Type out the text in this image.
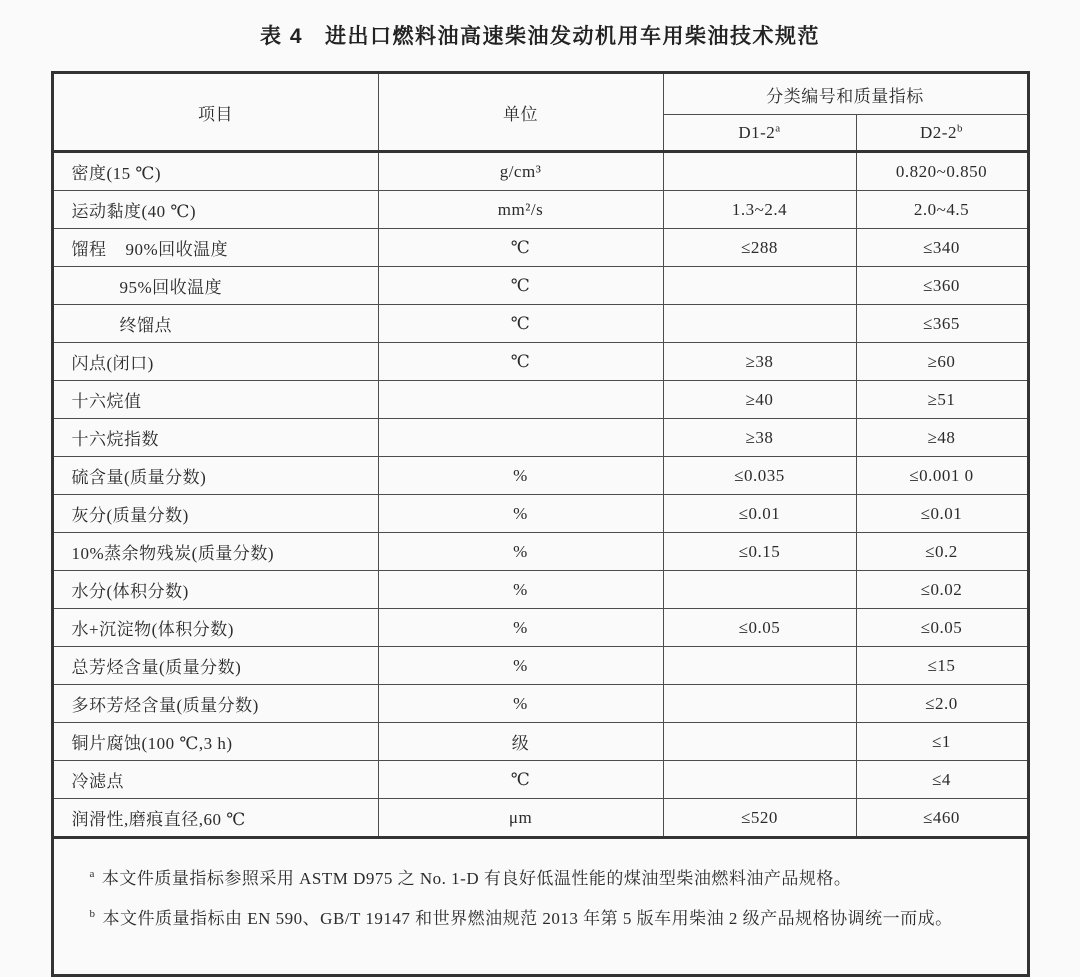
表 4   进出口燃料油高速柴油发动机用车用柴油技术规范
项目	单位	分类编号和质量指标	
		D1-2$^a$	D2-2$^b$
密度(15 ℃)	g/cm³		0.820~0.850
运动黏度(40 ℃)	mm²/s	1.3~2.4	2.0~4.5
馏程    90%回收温度	℃	≤288	≤340
95%回收温度	℃		≤360
终馏点	℃		≤365
闪点(闭口)	℃	≥38	≥60
十六烷值		≥40	≥51
十六烷指数		≥38	≥48
硫含量(质量分数)	%	≤0.035	≤0.001 0
灰分(质量分数)	%	≤0.01	≤0.01
10%蒸余物残炭(质量分数)	%	≤0.15	≤0.2
水分(体积分数)	%		≤0.02
水+沉淀物(体积分数)	%	≤0.05	≤0.05
总芳烃含量(质量分数)	%		≤15
多环芳烃含量(质量分数)	%		≤2.0
铜片腐蚀(100 ℃,3 h)	级		≤1
冷滤点	℃		≤4
润滑性,磨痕直径,60 ℃	μm	≤520	≤460

$^a$ 本文件质量指标参照采用 ASTM D975 之 No. 1-D 有良好低温性能的煤油型柴油燃料油产品规格。
$^b$ 本文件质量指标由 EN 590、GB/T 19147 和世界燃油规范 2013 年第 5 版车用柴油 2 级产品规格协调统一而成。			
